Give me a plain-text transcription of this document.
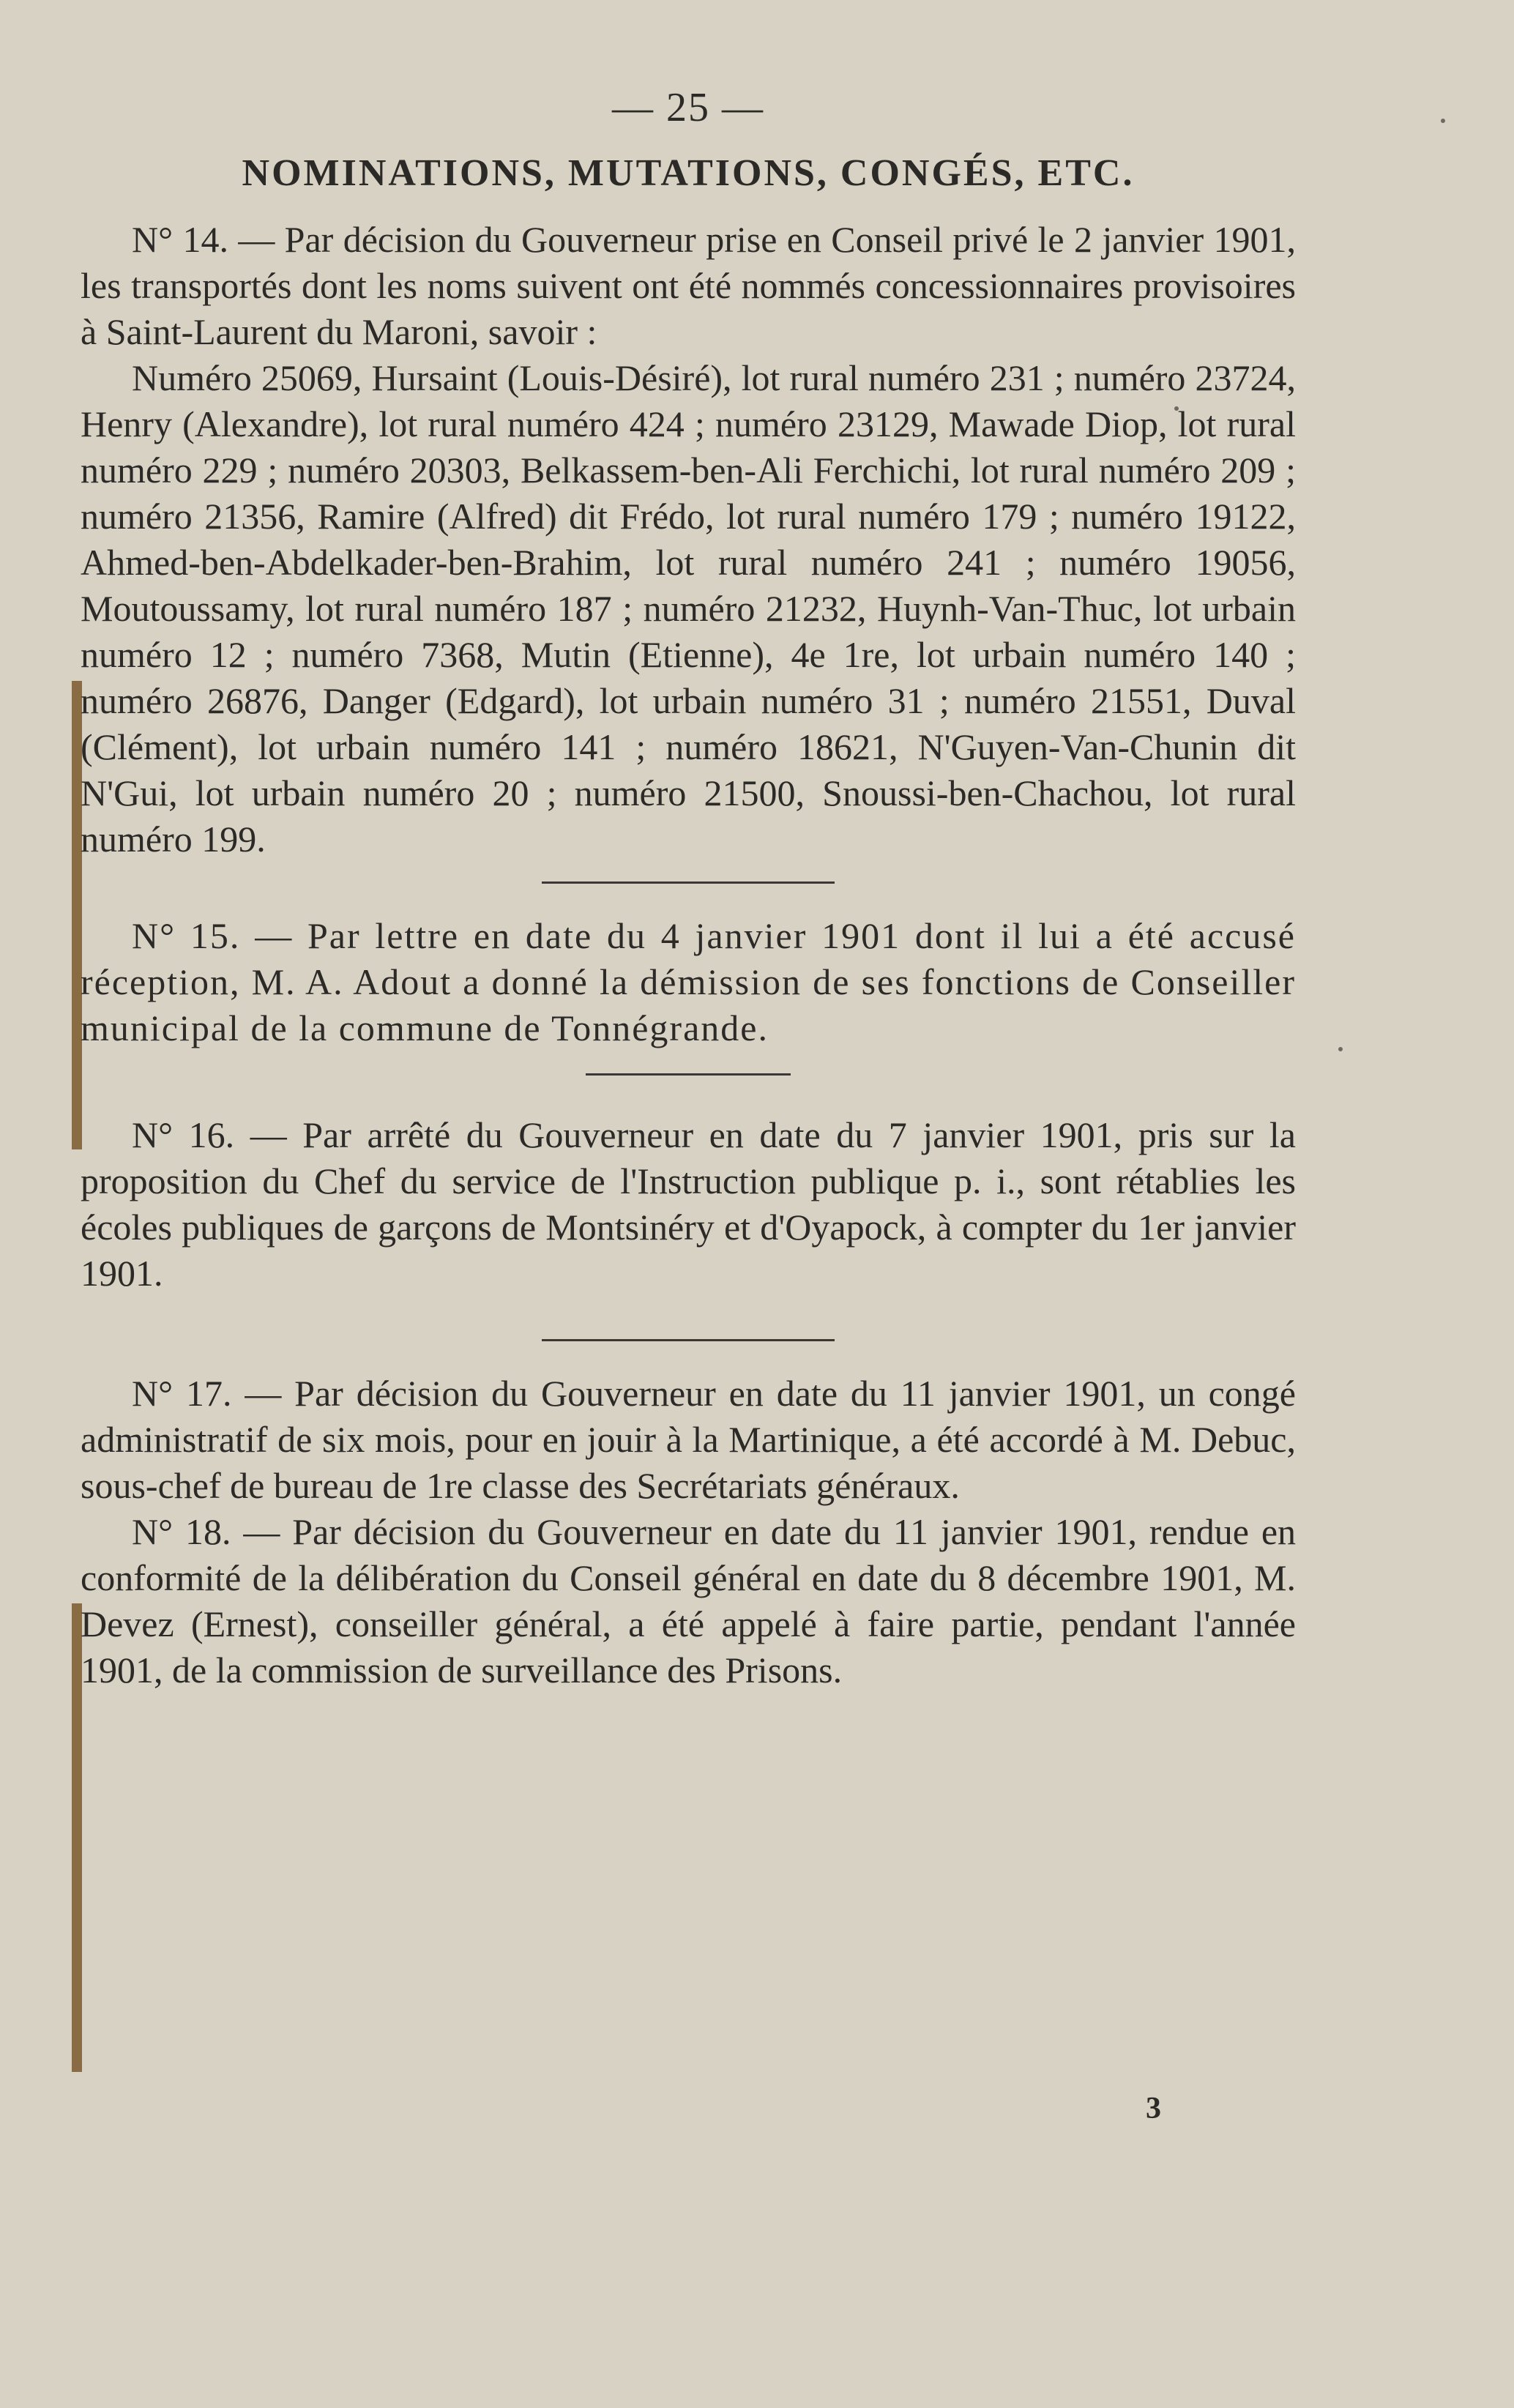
— 25 —
NOMINATIONS, MUTATIONS, CONGÉS, ETC.

N° 14. — Par décision du Gouverneur prise en Conseil privé le 2 janvier 1901, les transportés dont les noms suivent ont été nommés concessionnaires provisoires à Saint-Laurent du Maroni, savoir :

Numéro 25069, Hursaint (Louis-Désiré), lot rural numéro 231 ; numéro 23724, Henry (Alexandre), lot rural numéro 424 ; numéro 23129, Mawade Diop, lot rural numéro 229 ; numéro 20303, Belkassem-ben-Ali Ferchichi, lot rural numéro 209 ; numéro 21356, Ramire (Alfred) dit Frédo, lot rural numéro 179 ; numéro 19122, Ahmed-ben-Abdelkader-ben-Brahim, lot rural numéro 241 ; numéro 19056, Moutoussamy, lot rural numéro 187 ; numéro 21232, Huynh-Van-Thuc, lot urbain numéro 12 ; numéro 7368, Mutin (Etienne), 4e 1re, lot urbain numéro 140 ; numéro 26876, Danger (Edgard), lot urbain numéro 31 ; numéro 21551, Duval (Clément), lot urbain numéro 141 ; numéro 18621, N'Guyen-Van-Chunin dit N'Gui, lot urbain numéro 20 ; numéro 21500, Snoussi-ben-Chachou, lot rural numéro 199.

N° 15. — Par lettre en date du 4 janvier 1901 dont il lui a été accusé réception, M. A. Adout a donné la démission de ses fonctions de Conseiller municipal de la commune de Tonnégrande.

N° 16. — Par arrêté du Gouverneur en date du 7 janvier 1901, pris sur la proposition du Chef du service de l'Instruction publique p. i., sont rétablies les écoles publiques de garçons de Montsinéry et d'Oyapock, à compter du 1er janvier 1901.

N° 17. — Par décision du Gouverneur en date du 11 janvier 1901, un congé administratif de six mois, pour en jouir à la Martinique, a été accordé à M. Debuc, sous-chef de bureau de 1re classe des Secrétariats généraux.

N° 18. — Par décision du Gouverneur en date du 11 janvier 1901, rendue en conformité de la délibération du Conseil général en date du 8 décembre 1901, M. Devez (Ernest), conseiller général, a été appelé à faire partie, pendant l'année 1901, de la commission de surveillance des Prisons.

3
